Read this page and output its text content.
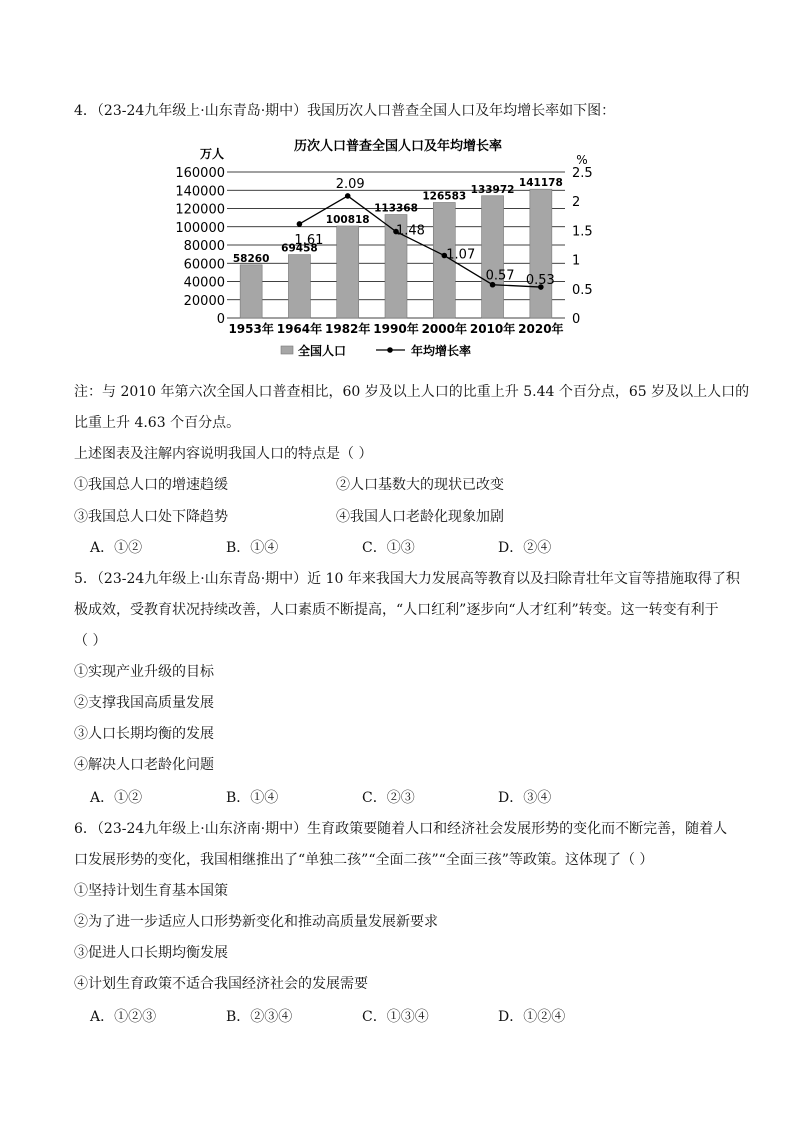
4．（23-24九年级上·山东青岛·期中）我国历次人口普查全国人口及年均增长率如下图：
历次人口普查全国人口及年均增长率
万人	%
160000
140000
120000
100000
80000
60000
40000
20000
0
2.5
2
1.5
1
0.5
0
58260
69458
100818
113368
126583
133972
141178
1.61
2.09
1.48
1.07
0.57 0.53
1953年 1964年 1982年 1990年 2000年 2010年 2020年
全国人口	年均增长率
注：与 2010 年第六次全国人口普查相比，60 岁及以上人口的比重上升 5.44 个百分点，65 岁及以上人口的
比重上升 4.63 个百分点。
上述图表及注解内容说明我国人口的特点是（ ）
①我国总人口的增速趋缓	②人口基数大的现状已改变
③我国总人口处下降趋势	④我国人口老龄化现象加剧
A．①②	B．①④	C．①③	D．②④
5．（23-24九年级上·山东青岛·期中）近 10 年来我国大力发展高等教育以及扫除青壮年文盲等措施取得了积
极成效，受教育状况持续改善，人口素质不断提高，“人口红利”逐步向“人才红利”转变。这一转变有利于
（ ）
①实现产业升级的目标
②支撑我国高质量发展
③人口长期均衡的发展
④解决人口老龄化问题
A．①②	B．①④	C．②③	D．③④
6．（23-24九年级上·山东济南·期中）生育政策要随着人口和经济社会发展形势的变化而不断完善，随着人
口发展形势的变化，我国相继推出了“单独二孩”“全面二孩”“全面三孩”等政策。这体现了（ ）
①坚持计划生育基本国策
②为了进一步适应人口形势新变化和推动高质量发展新要求
③促进人口长期均衡发展
④计划生育政策不适合我国经济社会的发展需要
A．①②③	B．②③④	C．①③④	D．①②④
